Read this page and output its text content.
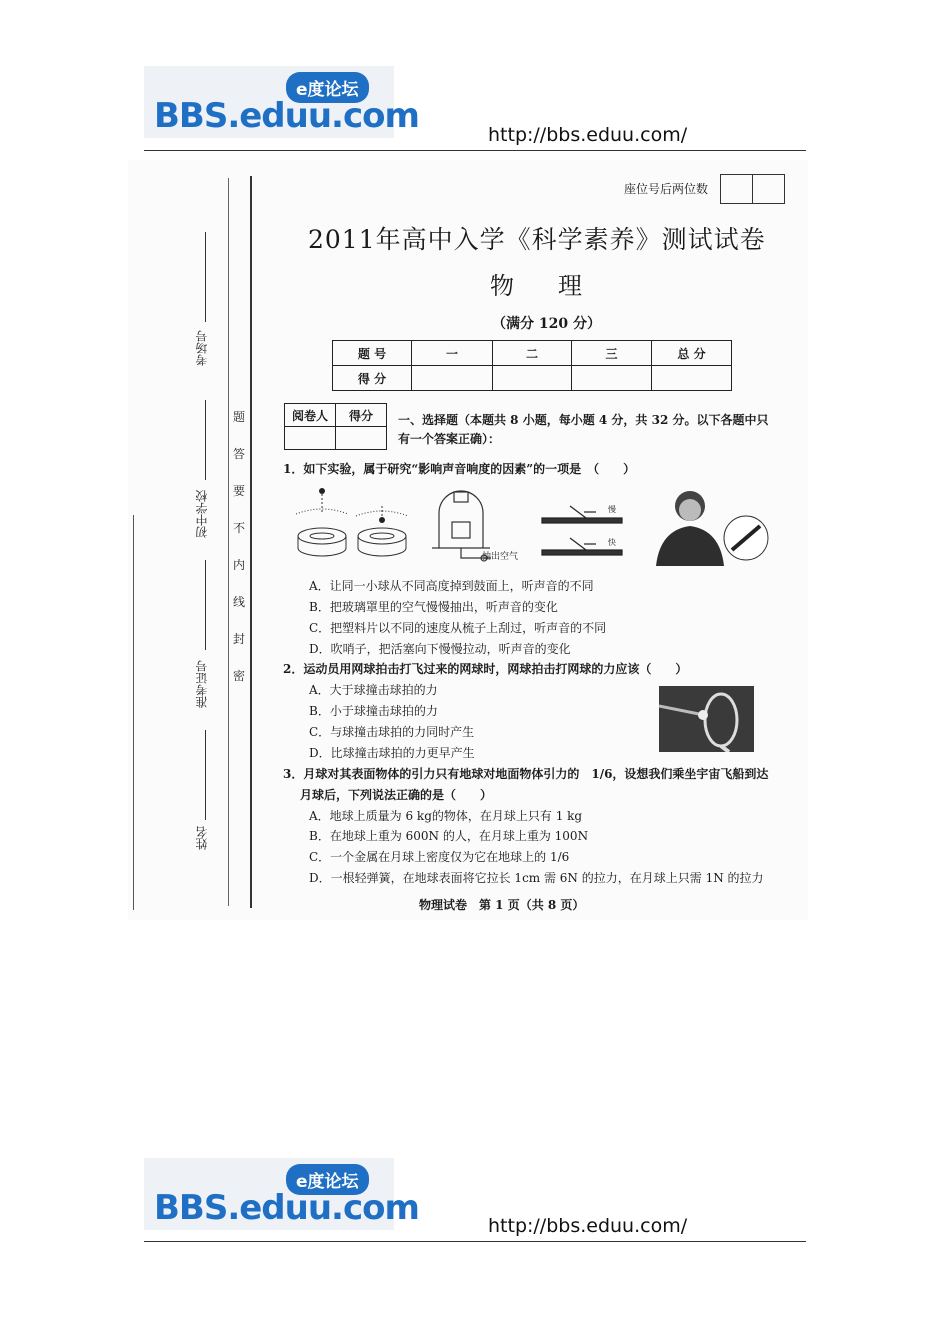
e度论坛
BBS.eduu.com	http://bbs.eduu.com/
考场号
初中学校
准考证号
姓名
题
答
要
不
内
线
封
密
座位号后两位数
2011年高中入学《科学素养》测试试卷
物理
（满分 120 分）
题 号	一	二	三	总 分
得 分				
阅卷人	得分
	一、选择题（本题共 8 小题，每小题 4 分，共 32 分。以下各题中只有一个答案正确）：
1．如下实验，属于研究“影响声音响度的因素”的一项是　（　　）
抽出空气
慢
快
A．让同一小球从不同高度掉到鼓面上，听声音的不同
B．把玻璃罩里的空气慢慢抽出，听声音的变化
C．把塑料片以不同的速度从梳子上刮过，听声音的不同
D．吹哨子，把活塞向下慢慢拉动，听声音的变化
2．运动员用网球拍击打飞过来的网球时，网球拍击打网球的力应该（　　）
A．大于球撞击球拍的力
B．小于球撞击球拍的力
C．与球撞击球拍的力同时产生
D．比球撞击球拍的力更早产生
3．月球对其表面物体的引力只有地球对地面物体引力的　1/6，设想我们乘坐宇宙飞船到达
月球后，下列说法正确的是（　　）
A．地球上质量为 6 kg的物体，在月球上只有 1 kg
B．在地球上重为 600N 的人，在月球上重为 100N
C．一个金属在月球上密度仅为它在地球上的 1/6
D．一根轻弹簧，在地球表面将它拉长 1cm 需 6N 的拉力，在月球上只需 1N 的拉力
物理试卷　第 1 页（共 8 页）
e度论坛
BBS.eduu.com	http://bbs.eduu.com/
